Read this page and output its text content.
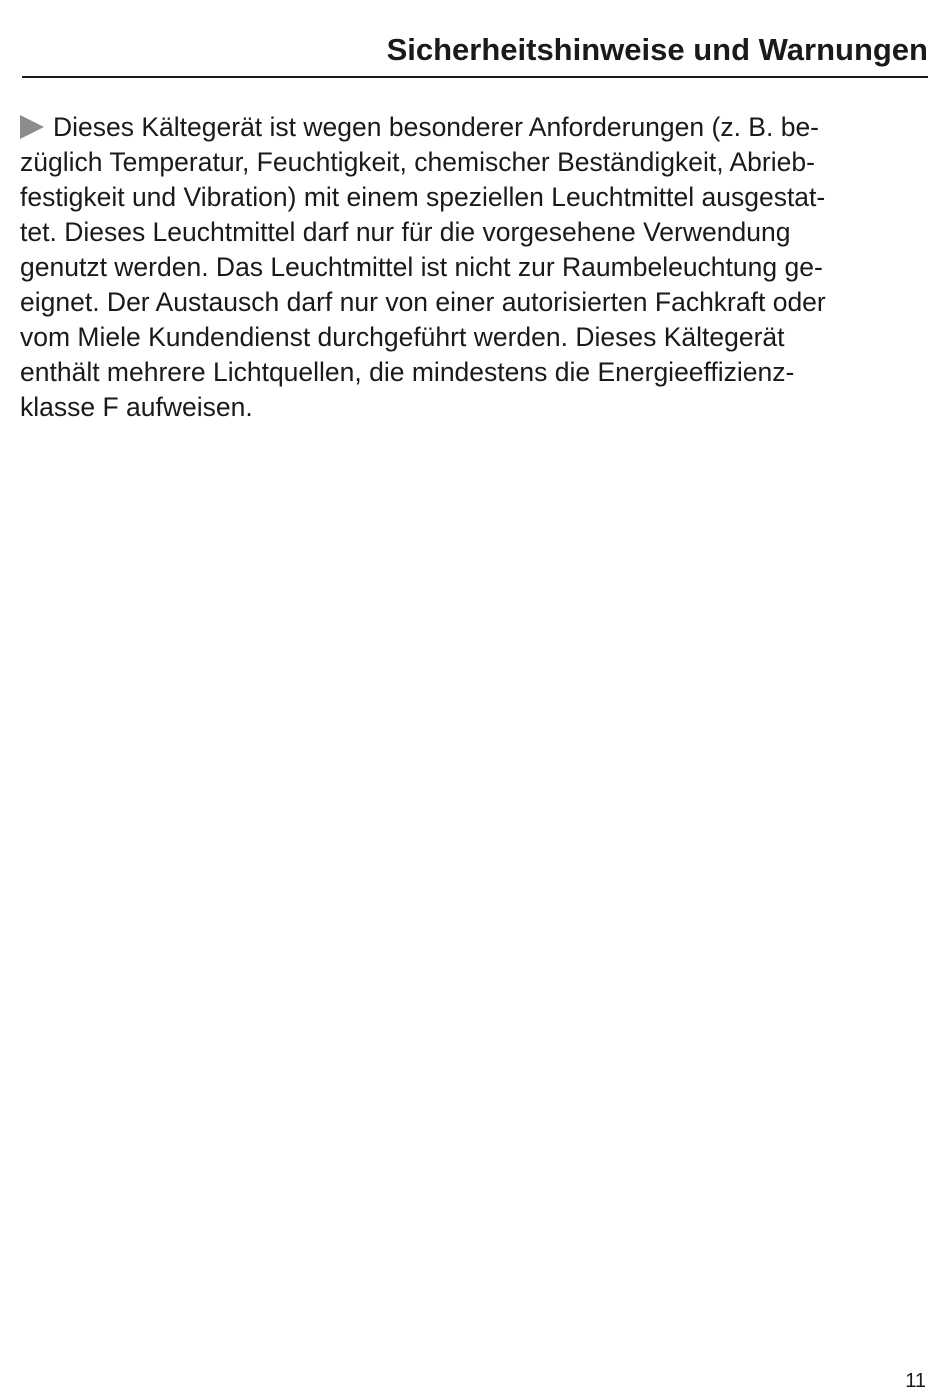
Sicherheitshinweise und Warnungen
Dieses Kältegerät ist wegen besonderer Anforderungen (z. B. be-
züglich Temperatur, Feuchtigkeit, chemischer Beständigkeit, Abrieb-
festigkeit und Vibration) mit einem speziellen Leuchtmittel ausgestat-
tet. Dieses Leuchtmittel darf nur für die vorgesehene Verwendung
genutzt werden. Das Leuchtmittel ist nicht zur Raumbeleuchtung ge-
eignet. Der Austausch darf nur von einer autorisierten Fachkraft oder
vom Miele Kundendienst durchgeführt werden. Dieses Kältegerät
enthält mehrere Lichtquellen, die mindestens die Energieeffizienz-
klasse F aufweisen.
11
